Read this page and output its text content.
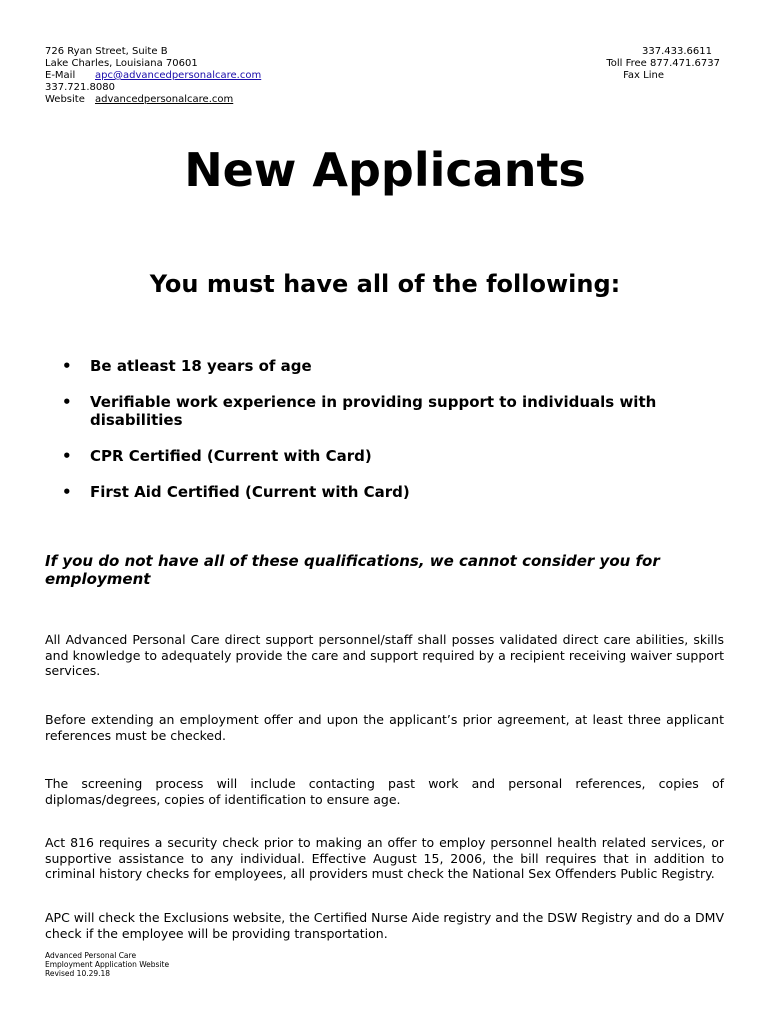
726 Ryan Street, Suite B
Lake Charles, Louisiana 70601
E-Mail apc@advancedpersonalcare.com
337.721.8080
Website advancedpersonalcare.com
337.433.6611
Toll Free 877.471.6737
Fax Line
New Applicants
You must have all of the following:
• Be atleast 18 years of age
• Verifiable work experience in providing support to individuals with disabilities
• CPR Certified (Current with Card)
• First Aid Certified (Current with Card)

If you do not have all of these qualifications, we cannot consider you for employment

All Advanced Personal Care direct support personnel/staff shall posses validated direct care abilities, skills and knowledge to adequately provide the care and support required by a recipient receiving waiver support services.

Before extending an employment offer and upon the applicant’s prior agreement, at least three applicant references must be checked.

The screening process will include contacting past work and personal references, copies of diplomas/degrees, copies of identification to ensure age.

Act 816 requires a security check prior to making an offer to employ personnel health related services, or supportive assistance to any individual. Effective August 15, 2006, the bill requires that in addition to criminal history checks for employees, all providers must check the National Sex Offenders Public Registry.

APC will check the Exclusions website, the Certified Nurse Aide registry and the DSW Registry and do a DMV check if the employee will be providing transportation.

Advanced Personal Care
Employment Application Website
Revised 10.29.18
